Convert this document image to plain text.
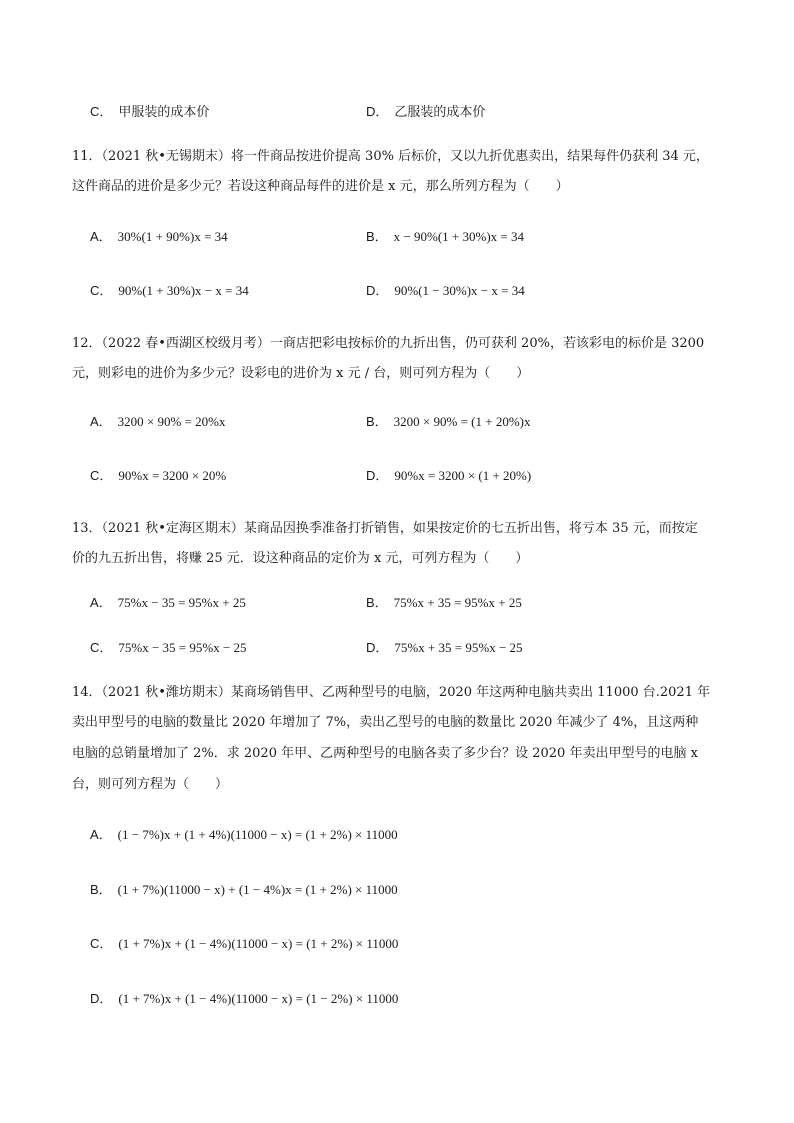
C． 甲服装的成本价	D． 乙服装的成本价
11．（2021 秋•无锡期末）将一件商品按进价提高 30% 后标价，又以九折优惠卖出，结果每件仍获利 34 元，
这件商品的进价是多少元？若设这种商品每件的进价是 x 元，那么所列方程为（　　）
A． 30%(1 + 90%)x = 34	B． x − 90%(1 + 30%)x = 34
C． 90%(1 + 30%)x − x = 34	D． 90%(1 − 30%)x − x = 34
12．（2022 春•西湖区校级月考）一商店把彩电按标价的九折出售，仍可获利 20%，若该彩电的标价是 3200
元，则彩电的进价为多少元？设彩电的进价为 x 元 / 台，则可列方程为（　　）
A． 3200 × 90% = 20%x	B． 3200 × 90% = (1 + 20%)x
C． 90%x = 3200 × 20%	D． 90%x = 3200 × (1 + 20%)
13．（2021 秋•定海区期末）某商品因换季准备打折销售，如果按定价的七五折出售，将亏本 35 元，而按定
价的九五折出售，将赚 25 元．设这种商品的定价为 x 元，可列方程为（　　）
A． 75%x − 35 = 95%x + 25	B． 75%x + 35 = 95%x + 25
C． 75%x − 35 = 95%x − 25	D． 75%x + 35 = 95%x − 25
14．（2021 秋•潍坊期末）某商场销售甲、乙两种型号的电脑，2020 年这两种电脑共卖出 11000 台.2021 年
卖出甲型号的电脑的数量比 2020 年增加了 7%，卖出乙型号的电脑的数量比 2020 年减少了 4%，且这两种
电脑的总销量增加了 2%．求 2020 年甲、乙两种型号的电脑各卖了多少台？设 2020 年卖出甲型号的电脑 x
台，则可列方程为（　　）
A． (1 − 7%)x + (1 + 4%)(11000 − x) = (1 + 2%) × 11000
B． (1 + 7%)(11000 − x) + (1 − 4%)x = (1 + 2%) × 11000
C． (1 + 7%)x + (1 − 4%)(11000 − x) = (1 + 2%) × 11000
D． (1 + 7%)x + (1 − 4%)(11000 − x) = (1 − 2%) × 11000
